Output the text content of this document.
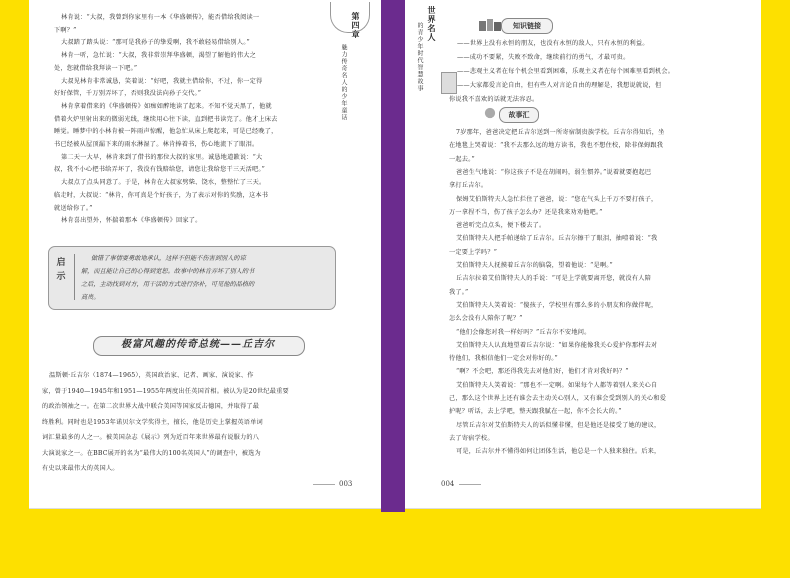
第四章
魅力传奇名人的少年童话
林肯说：“大叔，我曾到你家里有一本《华盛顿传》，能否借给我阅读一
下啊？”
大叔踏了踏头说：“那可是我孙子的挚爱啊，我不敢轻易借给别人。”
林肯一听，急忙说：“大叔，我非常崇拜华盛顿，渴望了解他的伟大之
处，您就借给我拜读一下吧。”
大叔见林肯非常诚恳，笑着说：“好吧，我就主借给你，不过，你一定得
好好保管，千万别弄坏了，否则我没法向孙子交代。”
林肯拿着借来的《华盛顿传》如痴如醉地读了起来。不知不觉天黑了，他就
借着火炉里射出来的微弱光线，继续用心往下读，直到把书读完了。他才上床去
睡觉。睡梦中的小林肯被一阵雨声惊醒，他急忙从床上爬起来，可是已经晚了，
书已经被从屋顶漏下来的雨水淋湿了。林肯捧着书，伤心地流下了眼泪。
第二天一大早，林肯来到了借书的那位大叔的家里。诚恳地道歉说：“大
叔，我不小心把书给弄坏了，我没有钱赔给您，请您让我给您干三天活吧。”
大叔点了点头同意了。于是，林肯在大叔家劈柴、饶水，整整忙了三天。
临走时，大叔说：“林肯，你可真是个好孩子，为了表示对你的奖励，这本书
就送给你了。”
林肯喜出望外，怀揣着那本《华盛顿传》回家了。
启示
做错了事情要勇敢地承认，这样不但能不伤害到别人的谅
解，而且能让自己的心得到宽恕。故事中的林肯弄坏了别人的书
之后，主动找到对方，用干活的方式进行弥补，可见他的品格的
高贵。
极富风趣的传奇总统——丘吉尔
温斯顿·丘吉尔（1874—1965），英国政治家、记者、画家、演说家、作
家，曾于1940—1945年和1951—1955年两度出任英国首相。被认为是20世纪最重要
的政治领袖之一。在第二次世界大战中联合美国等国家反击德国，并取得了最
终胜利。同时也是1953年诺贝尔文学奖得主，擅长，他是历史上掌握英语单词
词汇量最多的人之一。被美国杂志《展示》列为近百年来世界最有说服力的八
大演说家之一。在BBC展开的名为“最伟大的100名英国人”的调查中，被选为
有史以来最伟大的英国人。
003
世界名人
的青少年时代智慧故事	知识链接
——世界上没有永恒的朋友，也没有永恒的敌人，只有永恒的利益。
——成功不要紧，失败不致命，继续前行的勇气，才最可贵。
——悲观主义者在每个机会里看到困难，乐观主义者在每个困难里看到机会。
——大家都爱言论自由，但有些人对言论自由的理解是，我想说就说，但
你说我不喜欢的话就无法容忍。
故事汇
7岁那年，爸爸决定把丘吉尔送到一所寄宿制贵族学校。丘吉尔得知后，坐
在地毯上哭着说：“我不去那么远的地方读书，我也不想住校，除非保姆跟我
一起去。”
爸爸生气地说：“你这孩子不是在胡闹吗，弱生惯养。”说着就要抱起巴
拿打丘吉尔。
保姆艾伯斯特夫人急忙拦住了爸爸，说：“您在气头上千万不要打孩子，
万一拿捏不当，伤了孩子怎么办？还是我来劝劝他吧。”
爸爸听完点点头，便下楼去了。
艾伯斯特夫人把手帕递给了丘吉尔。丘吉尔擦干了眼泪，抽噎着说：“我
一定要上学吗？”
艾伯斯特夫人抚摸着丘吉尔的脑袋，望着他说：“是啊。”
丘吉尔拉着艾伯斯特夫人的手说：“可是上学就要离开您，就没有人陪
我了。”
艾伯斯特夫人笑着说：“傻孩子，学校里有那么多的小朋友和你做伴呢，
怎么会没有人陪你了呢？”
“他们会像您对我一样好吗？”丘吉尔不安地问。
艾伯斯特夫人认真地望着丘吉尔说：“如果你能像我关心爱护你那样去对
待他们，我相信他们一定会对你好的。”
“啊？不会吧，那还得我先去对他们好，他们才肯对我好吗？”
艾伯斯特夫人笑着说：“那也不一定啊。如果每个人都等着别人来关心自
己，那么这个世界上还有谁会去主动关心别人，又有谁会受到别人的关心和爱
护呢？听话，去上学吧，整天跟我腻在一起，你不会长大的。”
尽管丘吉尔对艾伯斯特夫人的话似懂非懂，但是他还是接受了她的建议，
去了寄宿学校。
可是，丘吉尔并不懂得如何让团体生活，他总是一个人独来独往。后来，
004
